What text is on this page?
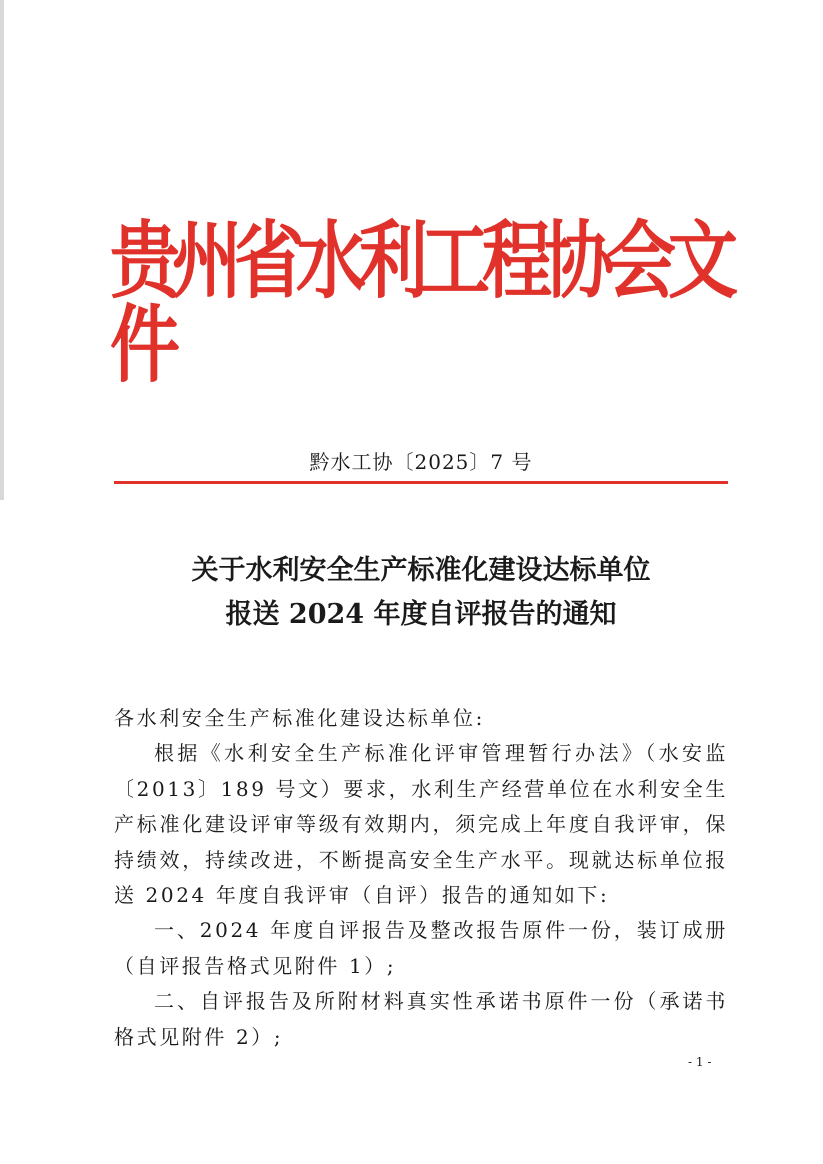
贵州省水利工程协会文件
黔水工协〔2025〕7 号
关于水利安全生产标准化建设达标单位
报送 2024 年度自评报告的通知

各水利安全生产标准化建设达标单位:

根据《水利安全生产标准化评审管理暂行办法》（水安监〔2013〕189 号文）要求，水利生产经营单位在水利安全生产标准化建设评审等级有效期内，须完成上年度自我评审，保持绩效，持续改进，不断提高安全生产水平。现就达标单位报送 2024 年度自我评审（自评）报告的通知如下:

一、2024 年度自评报告及整改报告原件一份，装订成册（自评报告格式见附件 1）;

二、自评报告及所附材料真实性承诺书原件一份（承诺书格式见附件 2）;

- 1 -
